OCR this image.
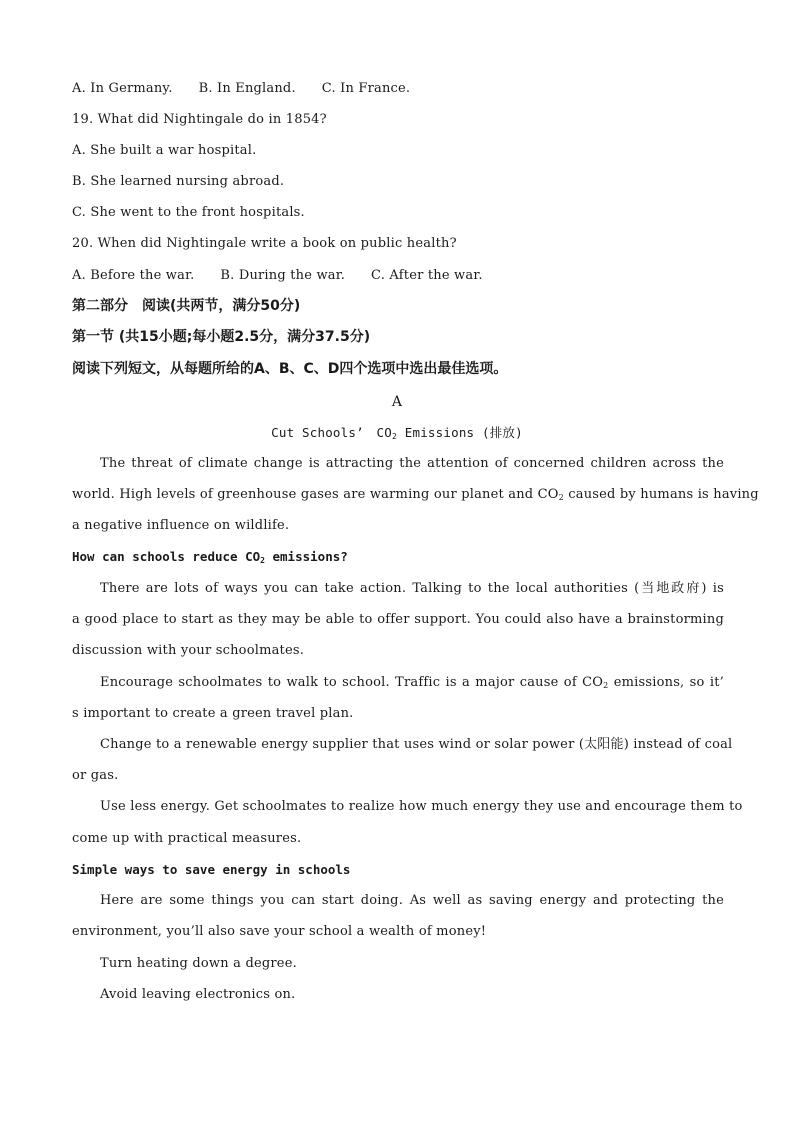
A. In Germany. B. In England. C. In France.
19. What did Nightingale do in 1854?
A. She built a war hospital.
B. She learned nursing abroad.
C. She went to the front hospitals.
20. When did Nightingale write a book on public health?
A. Before the war. B. During the war. C. After the war.
第二部分　阅读(共两节，满分50分)
第一节 (共15小题;每小题2.5分，满分37.5分)
阅读下列短文，从每题所给的A、B、C、D四个选项中选出最佳选项。
A
Cut Schools’　$CO_2$ Emissions (排放)
The threat of climate change is attracting the attention of concerned children across the
world. High levels of greenhouse gases are warming our planet and $CO_2$ caused by humans is having
a negative influence on wildlife.
How can schools reduce $CO_2$ emissions?
There are lots of ways you can take action. Talking to the local authorities (当地政府) is
a good place to start as they may be able to offer support. You could also have a brainstorming
discussion with your schoolmates.
Encourage schoolmates to walk to school. Traffic is a major cause of $CO_2$ emissions, so it’
s important to create a green travel plan.
Change to a renewable energy supplier that uses wind or solar power (太阳能) instead of coal
or gas.
Use less energy. Get schoolmates to realize how much energy they use and encourage them to
come up with practical measures.
Simple ways to save energy in schools
Here are some things you can start doing. As well as saving energy and protecting the
environment, you’ll also save your school a wealth of money!
Turn heating down a degree.
Avoid leaving electronics on.
